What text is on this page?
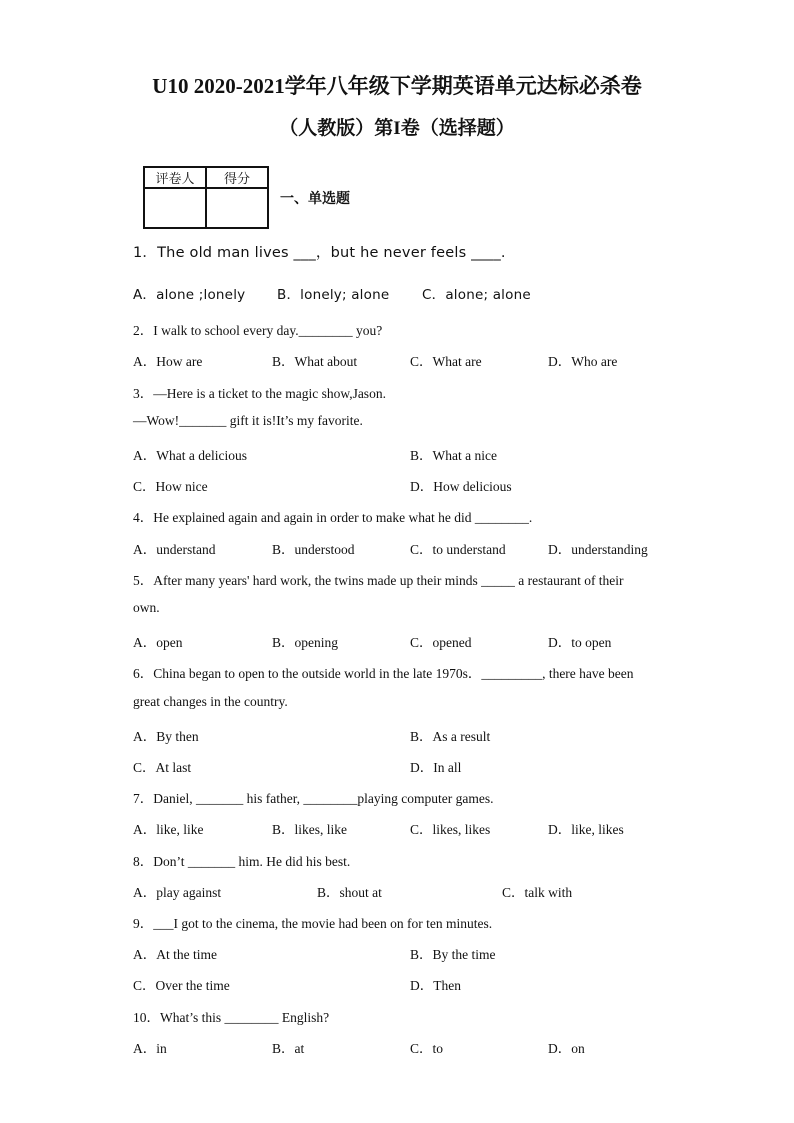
U10 2020-2021学年八年级下学期英语单元达标必杀卷
（人教版）第I卷（选择题）
评卷人	得分

一、单选题
1．The old man lives ___，but he never feels ____.
A．alone ;lonely B．lonely; alone C．alone; alone
2．I walk to school every day.________ you?
A．How are	B．What about	C．What are	D．Who are
3．—Here is a ticket to the magic show,Jason.
—Wow!_______ gift it is!It’s my favorite.
A．What a delicious	B．What a nice
C．How nice	D．How delicious
4．He explained again and again in order to make what he did ________.
A．understand	B．understood	C．to understand	D．understanding
5．After many years' hard work, the twins made up their minds _____ a restaurant of their
own.
A．open	B．opening	C．opened	D．to open
6．China began to open to the outside world in the late 1970s．_________, there have been
great changes in the country.
A．By then	B．As a result
C．At last	D．In all
7．Daniel, _______ his father, ________playing computer games.
A．like, like	B．likes, like	C．likes, likes	D．like, likes
8．Don’t _______ him. He did his best.
A．play against	B．shout at	C．talk with
9．___I got to the cinema, the movie had been on for ten minutes.
A．At the time	B．By the time
C．Over the time	D．Then
10．What’s this ________ English?
A．in	B．at	C．to	D．on
